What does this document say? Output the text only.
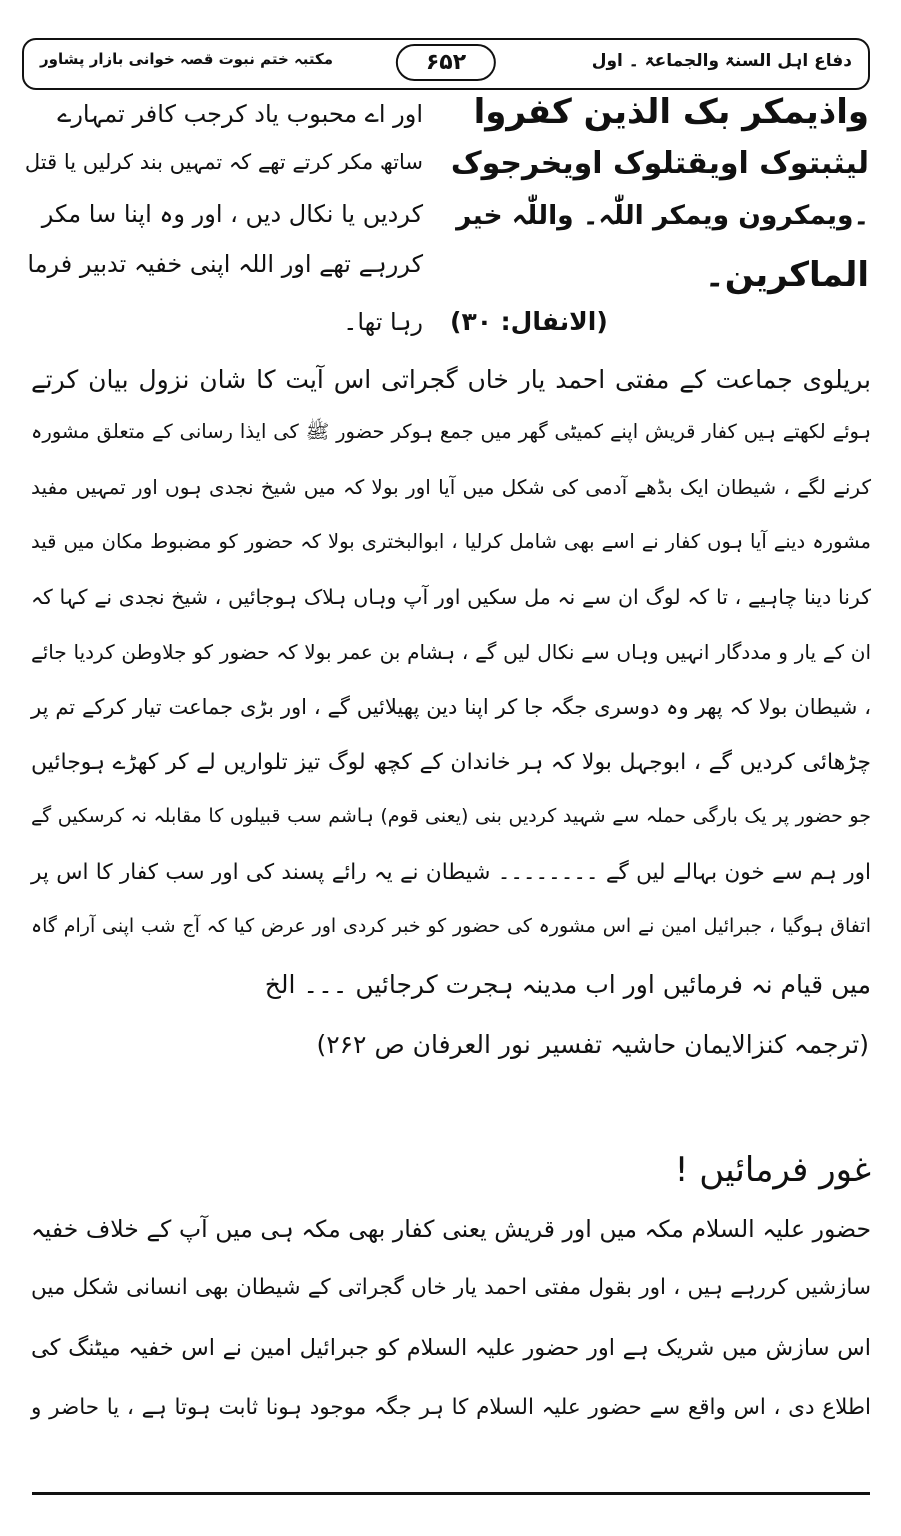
دفاع اہل السنۃ والجماعۃ ۔ اول
۶۵۲
مکتبہ ختم نبوت قصہ خوانی بازار پشاور
واذیمکر بک الذین کفروا
لیثبتوک اویقتلوک اویخرجوک
۔ویمکرون ویمکر اللّٰہ۔ واللّٰہ خیر
الماکرین۔
(الانفال: ۳۰)
اور اے محبوب یاد کرجب کافر تمہارے
ساتھ مکر کرتے تھے کہ تمہیں بند کرلیں یا قتل
کردیں یا نکال دیں ، اور وہ اپنا سا مکر
کررہے تھے اور اللہ اپنی خفیہ تدبیر فرما
رہا تھا۔
بریلوی جماعت کے مفتی احمد یار خاں گجراتی اس آیت کا شان نزول بیان کرتے
ہوئے لکھتے ہیں کفار قریش اپنے کمیٹی گھر میں جمع ہوکر حضور ﷺ کی ایذا رسانی کے متعلق مشورہ
کرنے لگے ، شیطان ایک بڈھے آدمی کی شکل میں آیا اور بولا کہ میں شیخ نجدی ہوں اور تمہیں مفید
مشورہ دینے آیا ہوں کفار نے اسے بھی شامل کرلیا ، ابوالبختری بولا کہ حضور کو مضبوط مکان میں قید
کرنا دینا چاہیے ، تا کہ لوگ ان سے نہ مل سکیں اور آپ وہاں ہلاک ہوجائیں ، شیخ نجدی نے کہا کہ
ان کے یار و مددگار انہیں وہاں سے نکال لیں گے ، ہشام بن عمر بولا کہ حضور کو جلاوطن کردیا جائے
، شیطان بولا کہ پھر وہ دوسری جگہ جا کر اپنا دین پھیلائیں گے ، اور بڑی جماعت تیار کرکے تم پر
چڑھائی کردیں گے ، ابوجہل بولا کہ ہر خاندان کے کچھ لوگ تیز تلواریں لے کر کھڑے ہوجائیں
جو حضور پر یک بارگی حملہ سے شہید کردیں بنی (یعنی قوم) ہاشم سب قبیلوں کا مقابلہ نہ کرسکیں گے
اور ہم سے خون بہالے لیں گے ۔۔۔۔۔۔۔۔ شیطان نے یہ رائے پسند کی اور سب کفار کا اس پر
اتفاق ہوگیا ، جبرائیل امین نے اس مشورہ کی حضور کو خبر کردی اور عرض کیا کہ آج شب اپنی آرام گاہ
میں قیام نہ فرمائیں اور اب مدینہ ہجرت کرجائیں ۔۔۔ الخ
(ترجمہ کنزالایمان حاشیہ تفسیر نور العرفان ص ۲۶۲)
غور فرمائیں !
حضور علیہ السلام مکہ میں اور قریش یعنی کفار بھی مکہ ہی میں آپ کے خلاف خفیہ
سازشیں کررہے ہیں ، اور بقول مفتی احمد یار خاں گجراتی کے شیطان بھی انسانی شکل میں
اس سازش میں شریک ہے اور حضور علیہ السلام کو جبرائیل امین نے اس خفیہ میٹنگ کی
اطلاع دی ، اس واقع سے حضور علیہ السلام کا ہر جگہ موجود ہونا ثابت ہوتا ہے ، یا حاضر و
